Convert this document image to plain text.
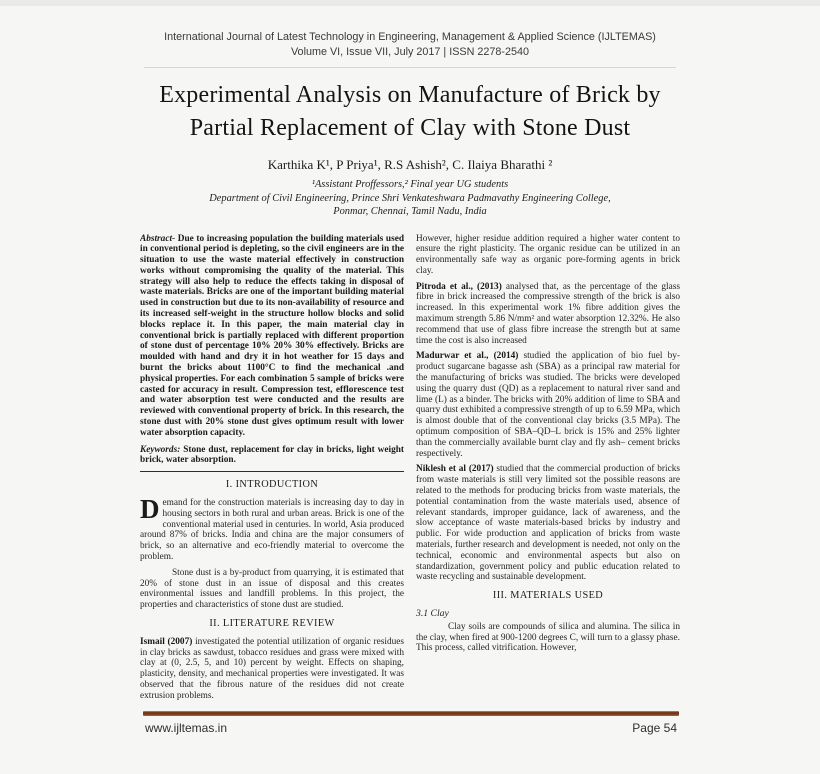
International Journal of Latest Technology in Engineering, Management & Applied Science (IJLTEMAS)
Volume VI, Issue VII, July 2017 | ISSN 2278-2540
Experimental Analysis on Manufacture of Brick by
Partial Replacement of Clay with Stone Dust
Karthika K¹, P Priya¹, R.S Ashish², C. Ilaiya Bharathi ²
¹Assistant Proffessors,² Final year UG students
Department of Civil Engineering, Prince Shri Venkateshwara Padmavathy Engineering College,
Ponmar, Chennai, Tamil Nadu, India

Abstract- Due to increasing population the building materials used in conventional period is depleting, so the civil engineers are in the situation to use the waste material effectively in construction works without compromising the quality of the material. This strategy will also help to reduce the effects taking in disposal of waste materials. Bricks are one of the important building material used in construction but due to its non-availability of resource and its increased self-weight in the structure hollow blocks and solid blocks replace it. In this paper, the main material clay in conventional brick is partially replaced with different proportion of stone dust of percentage 10% 20% 30% effectively. Bricks are moulded with hand and dry it in hot weather for 15 days and burnt the bricks about 1100°C to find the mechanical .and physical properties. For each combination 5 sample of bricks were casted for accuracy in result. Compression test, efflorescence test and water absorption test were conducted and the results are reviewed with conventional property of brick. In this research, the stone dust with 20% stone dust gives optimum result with lower water absorption capacity.

Keywords: Stone dust, replacement for clay in bricks, light weight brick, water absorption.

I. INTRODUCTION

Demand for the construction materials is increasing day to day in housing sectors in both rural and urban areas. Brick is one of the conventional material used in centuries. In world, Asia produced around 87% of bricks. India and china are the major consumers of brick, so an alternative and eco-friendly material to overcome the problem.

Stone dust is a by-product from quarrying, it is estimated that 20% of stone dust in an issue of disposal and this creates environmental issues and landfill problems. In this project, the properties and characteristics of stone dust are studied.

II. LITERATURE REVIEW

Ismail (2007) investigated the potential utilization of organic residues in clay bricks as sawdust, tobacco residues and grass were mixed with clay at (0, 2.5, 5, and 10) percent by weight. Effects on shaping, plasticity, density, and mechanical properties were investigated. It was observed that the fibrous nature of the residues did not create extrusion problems.

However, higher residue addition required a higher water content to ensure the right plasticity. The organic residue can be utilized in an environmentally safe way as organic pore-forming agents in brick clay.

Pitroda et al., (2013) analysed that, as the percentage of the glass fibre in brick increased the compressive strength of the brick is also increased. In this experimental work 1% fibre addition gives the maximum strength 5.86 N/mm² and water absorption 12.32%. He also recommend that use of glass fibre increase the strength but at same time the cost is also increased

Madurwar et al., (2014) studied the application of bio fuel by-product sugarcane bagasse ash (SBA) as a principal raw material for the manufacturing of bricks was studied. The bricks were developed using the quarry dust (QD) as a replacement to natural river sand and lime (L) as a binder. The bricks with 20% addition of lime to SBA and quarry dust exhibited a compressive strength of up to 6.59 MPa, which is almost double that of the conventional clay bricks (3.5 MPa). The optimum composition of SBA–QD–L brick is 15% and 25% lighter than the commercially available burnt clay and fly ash– cement bricks respectively.

Niklesh et al (2017) studied that the commercial production of bricks from waste materials is still very limited sot the possible reasons are related to the methods for producing bricks from waste materials, the potential contamination from the waste materials used, absence of relevant standards, improper guidance, lack of awareness, and the slow acceptance of waste materials-based bricks by industry and public. For wide production and application of bricks from waste materials, further research and development is needed, not only on the technical, economic and environmental aspects but also on standardization, government policy and public education related to waste recycling and sustainable development.

III. MATERIALS USED
3.1 Clay

Clay soils are compounds of silica and alumina. The silica in the clay, when fired at 900-1200 degrees C, will turn to a glassy phase. This process, called vitrification. However,

www.ijltemas.in	Page 54
